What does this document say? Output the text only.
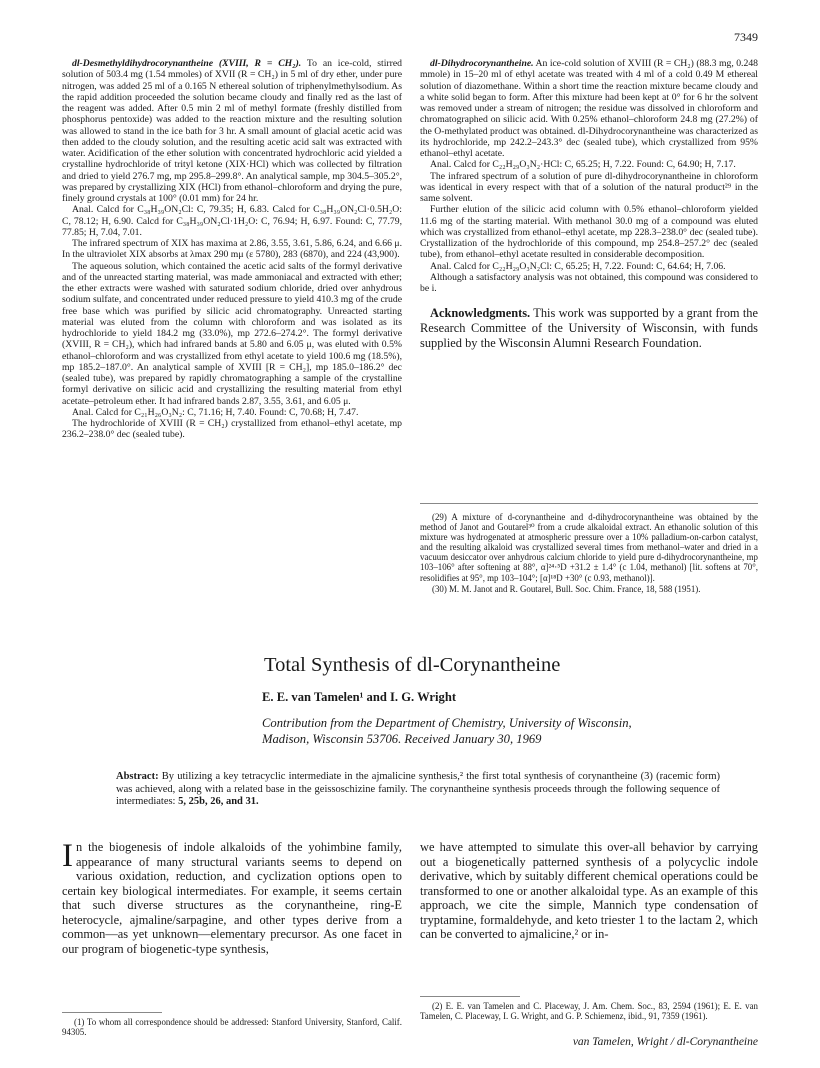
7349

dl-Desmethyldihydrocorynantheine (XVIII, R = CH₂). To an ice-cold, stirred solution of 503.4 mg (1.54 mmoles) of XVII (R = CH₂) in 5 ml of dry ether, under pure nitrogen, was added 25 ml of a 0.165 N ethereal solution of triphenylmethylsodium. As the rapid addition proceeded the solution became cloudy and finally red as the last of the reagent was added. After 0.5 min 2 ml of methyl formate (freshly distilled from phosphorus pentoxide) was added to the reaction mixture and the resulting solution was allowed to stand in the ice bath for 3 hr. A small amount of glacial acetic acid was then added to the cloudy solution, and the resulting acetic acid salt was extracted with water. Acidification of the ether solution with concentrated hydrochloric acid yielded a crystalline hydrochloride of trityl ketone (XIX·HCl) which was collected by filtration and dried to yield 276.7 mg, mp 295.8–299.8°. An analytical sample, mp 304.5–305.2°, was prepared by crystallizing XIX (HCl) from ethanol–chloroform and drying the pure, finely ground crystals at 100° (0.01 mm) for 24 hr.

Anal. Calcd for C₃₈H₃₉ON₂Cl: C, 79.35; H, 6.83. Calcd for C₃₈H₃₉ON₂Cl·0.5H₂O: C, 78.12; H, 6.90. Calcd for C₃₈H₃₉ON₂Cl·1H₂O: C, 76.94; H, 6.97. Found: C, 77.79, 77.85; H, 7.04, 7.01.

The infrared spectrum of XIX has maxima at 2.86, 3.55, 3.61, 5.86, 6.24, and 6.66 μ. In the ultraviolet XIX absorbs at λmax 290 mμ (ε 5780), 283 (6870), and 224 (43,900).

The aqueous solution, which contained the acetic acid salts of the formyl derivative and of the unreacted starting material, was made ammoniacal and extracted with ether; the ether extracts were washed with saturated sodium chloride, dried over anhydrous sodium sulfate, and concentrated under reduced pressure to yield 410.3 mg of the crude free base which was purified by silicic acid chromatography. Unreacted starting material was eluted from the column with chloroform and was isolated as its hydrochloride to yield 184.2 mg (33.0%), mp 272.6–274.2°. The formyl derivative (XVIII, R = CH₂), which had infrared bands at 5.80 and 6.05 μ, was eluted with 0.5% ethanol–chloroform and was crystallized from ethyl acetate to yield 100.6 mg (18.5%), mp 185.2–187.0°. An analytical sample of XVIII [R = CH₂], mp 185.0–186.2° dec (sealed tube), was prepared by rapidly chromatographing a sample of the crystalline formyl derivative on silicic acid and crystallizing the resulting material from ethyl acetate–petroleum ether. It had infrared bands 2.87, 3.55, 3.61, and 6.05 μ.

Anal. Calcd for C₂₁H₂₆O₃N₂: C, 71.16; H, 7.40. Found: C, 70.68; H, 7.47.

The hydrochloride of XVIII (R = CH₂) crystallized from ethanol–ethyl acetate, mp 236.2–238.0° dec (sealed tube).

dl-Dihydrocorynantheine. An ice-cold solution of XVIII (R = CH₂) (88.3 mg, 0.248 mmole) in 15–20 ml of ethyl acetate was treated with 4 ml of a cold 0.49 M ethereal solution of diazomethane. Within a short time the reaction mixture became cloudy and a white solid began to form. After this mixture had been kept at 0° for 6 hr the solvent was removed under a stream of nitrogen; the residue was dissolved in chloroform and chromatographed on silicic acid. With 0.25% ethanol–chloroform 24.8 mg (27.2%) of the O-methylated product was obtained. dl-Dihydrocorynantheine was characterized as its hydrochloride, mp 242.2–243.3° dec (sealed tube), which crystallized from 95% ethanol–ethyl acetate.

Anal. Calcd for C₂₂H₂₉O₃N₂·HCl: C, 65.25; H, 7.22. Found: C, 64.90; H, 7.17.

The infrared spectrum of a solution of pure dl-dihydrocorynantheine in chloroform was identical in every respect with that of a solution of the natural product²⁹ in the same solvent.

Further elution of the silicic acid column with 0.5% ethanol–chloroform yielded 11.6 mg of the starting material. With methanol 30.0 mg of a compound was eluted which was crystallized from ethanol–ethyl acetate, mp 228.3–238.0° dec (sealed tube). Crystallization of the hydrochloride of this compound, mp 254.8–257.2° dec (sealed tube), from ethanol–ethyl acetate resulted in considerable decomposition.

Anal. Calcd for C₂₂H₂₉O₃N₂Cl: C, 65.25; H, 7.22. Found: C, 64.64; H, 7.06.

Although a satisfactory analysis was not obtained, this compound was considered to be i.

Acknowledgments. This work was supported by a grant from the Research Committee of the University of Wisconsin, with funds supplied by the Wisconsin Alumni Research Foundation.

(29) A mixture of d-corynantheine and d-dihydrocorynantheine was obtained by the method of Janot and Goutarel³⁰ from a crude alkaloidal extract. An ethanolic solution of this mixture was hydrogenated at atmospheric pressure over a 10% palladium-on-carbon catalyst, and the resulting alkaloid was crystallized several times from methanol–water and dried in a vacuum desiccator over anhydrous calcium chloride to yield pure d-dihydrocorynantheine, mp 103–106° after softening at 88°, α]²⁴·⁵D +31.2 ± 1.4° (c 1.04, methanol) [lit. softens at 70°, resolidifies at 95°, mp 103–104°; [α]¹⁸D +30° (c 0.93, methanol)].

(30) M. M. Janot and R. Goutarel, Bull. Soc. Chim. France, 18, 588 (1951).

Total Synthesis of dl-Corynantheine
E. E. van Tamelen¹ and I. G. Wright
Contribution from the Department of Chemistry, University of Wisconsin,
Madison, Wisconsin 53706. Received January 30, 1969
Abstract: By utilizing a key tetracyclic intermediate in the ajmalicine synthesis,² the first total synthesis of corynantheine (3) (racemic form) was achieved, along with a related base in the geissoschizine family. The corynantheine synthesis proceeds through the following sequence of intermediates: 5, 25b, 26, and 31.

In the biogenesis of indole alkaloids of the yohimbine family, appearance of many structural variants seems to depend on various oxidation, reduction, and cyclization options open to certain key biological intermediates. For example, it seems certain that such diverse structures as the corynantheine, ring-E heterocycle, ajmaline/sarpagine, and other types derive from a common—as yet unknown—elementary precursor. As one facet in our program of biogenetic-type synthesis,

we have attempted to simulate this over-all behavior by carrying out a biogenetically patterned synthesis of a polycyclic indole derivative, which by suitably different chemical operations could be transformed to one or another alkaloidal type. As an example of this approach, we cite the simple, Mannich type condensation of tryptamine, formaldehyde, and keto triester 1 to the lactam 2, which can be converted to ajmalicine,² or in-

(1) To whom all correspondence should be addressed: Stanford University, Stanford, Calif. 94305.

(2) E. E. van Tamelen and C. Placeway, J. Am. Chem. Soc., 83, 2594 (1961); E. E. van Tamelen, C. Placeway, I. G. Wright, and G. P. Schiemenz, ibid., 91, 7359 (1961).

van Tamelen, Wright / dl-Corynantheine
